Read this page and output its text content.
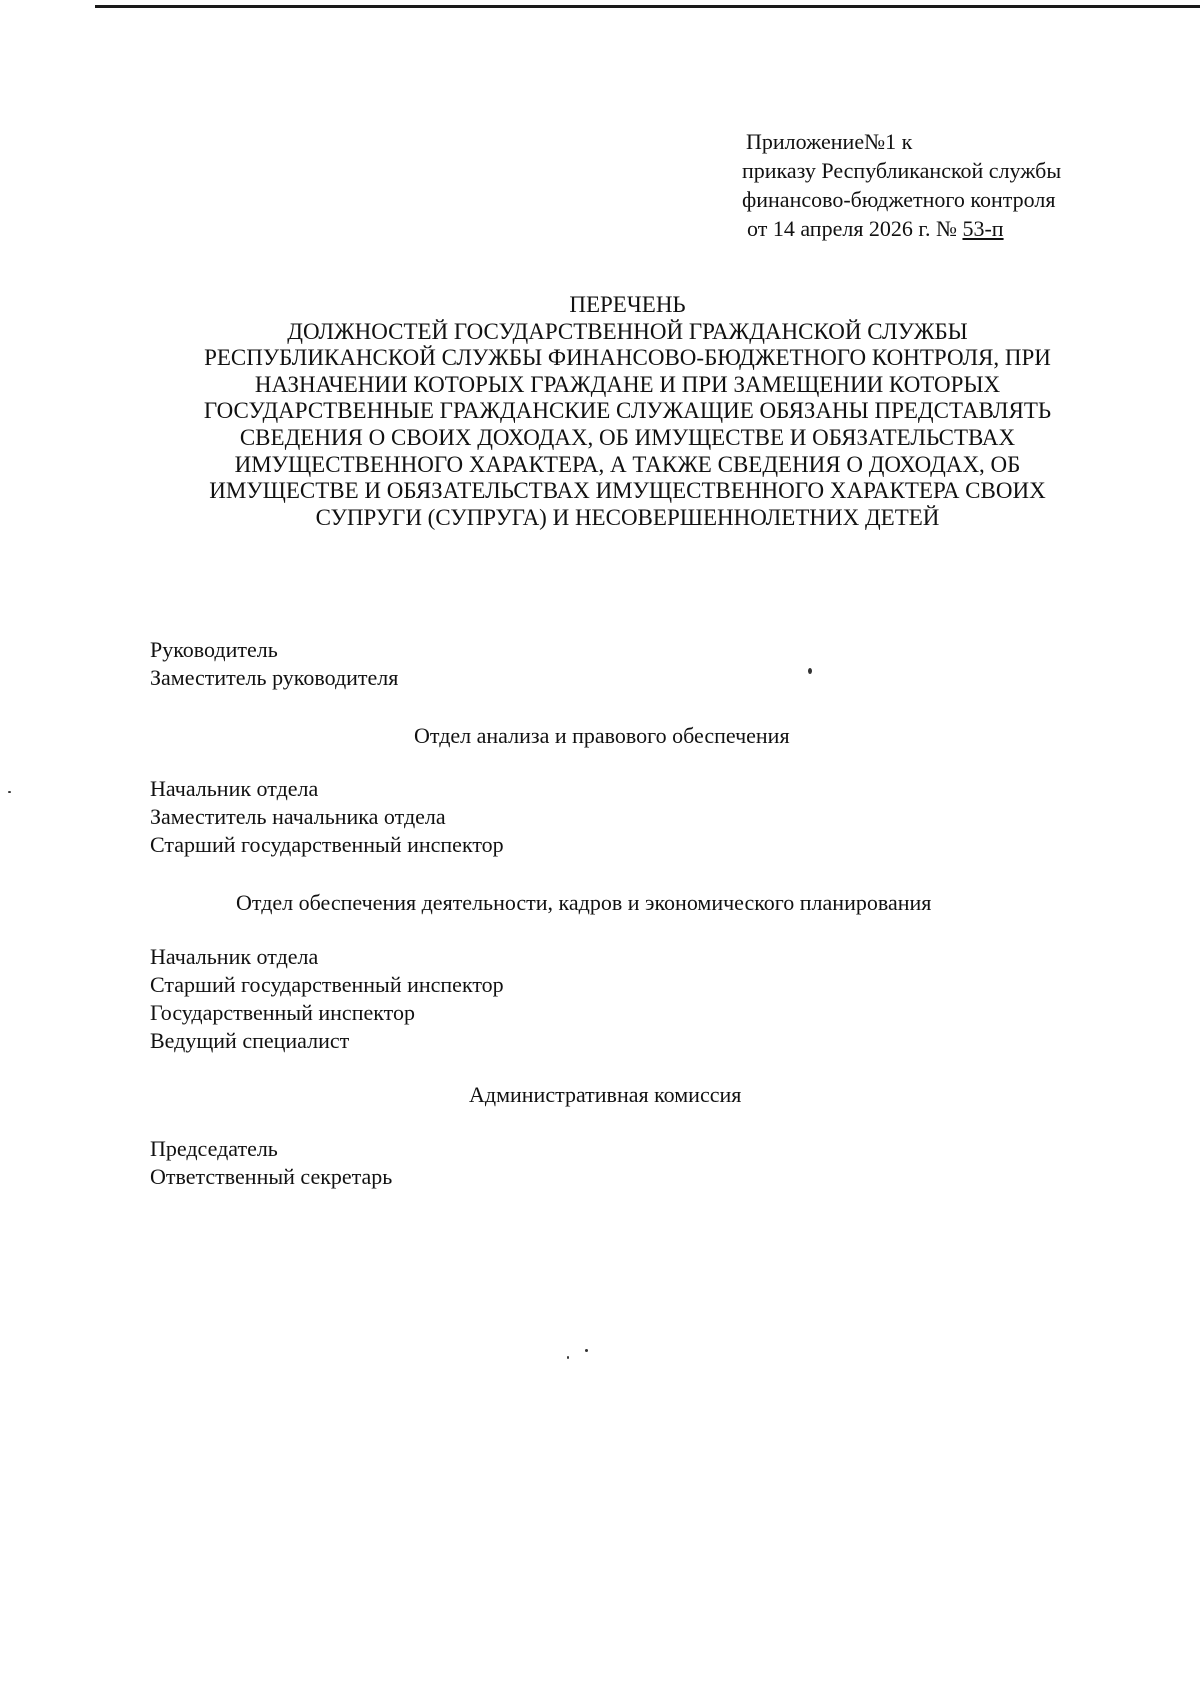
Приложение№1 к
приказу Республиканской службы
финансово-бюджетного контроля
от 14 апреля 2026 г. № 53-п
ПЕРЕЧЕНЬ
ДОЛЖНОСТЕЙ ГОСУДАРСТВЕННОЙ ГРАЖДАНСКОЙ СЛУЖБЫ
РЕСПУБЛИКАНСКОЙ СЛУЖБЫ ФИНАНСОВО-БЮДЖЕТНОГО КОНТРОЛЯ, ПРИ
НАЗНАЧЕНИИ КОТОРЫХ ГРАЖДАНЕ И ПРИ ЗАМЕЩЕНИИ КОТОРЫХ
ГОСУДАРСТВЕННЫЕ ГРАЖДАНСКИЕ СЛУЖАЩИЕ ОБЯЗАНЫ ПРЕДСТАВЛЯТЬ
СВЕДЕНИЯ О СВОИХ ДОХОДАХ, ОБ ИМУЩЕСТВЕ И ОБЯЗАТЕЛЬСТВАХ
ИМУЩЕСТВЕННОГО ХАРАКТЕРА, А ТАКЖЕ СВЕДЕНИЯ О ДОХОДАХ, ОБ
ИМУЩЕСТВЕ И ОБЯЗАТЕЛЬСТВАХ ИМУЩЕСТВЕННОГО ХАРАКТЕРА СВОИХ
СУПРУГИ (СУПРУГА) И НЕСОВЕРШЕННОЛЕТНИХ ДЕТЕЙ
Руководитель
Заместитель руководителя
Отдел анализа и правового обеспечения
Начальник отдела
Заместитель начальника отдела
Старший государственный инспектор
Отдел обеспечения деятельности, кадров и экономического планирования
Начальник отдела
Старший государственный инспектор
Государственный инспектор
Ведущий специалист
Административная комиссия
Председатель
Ответственный секретарь
